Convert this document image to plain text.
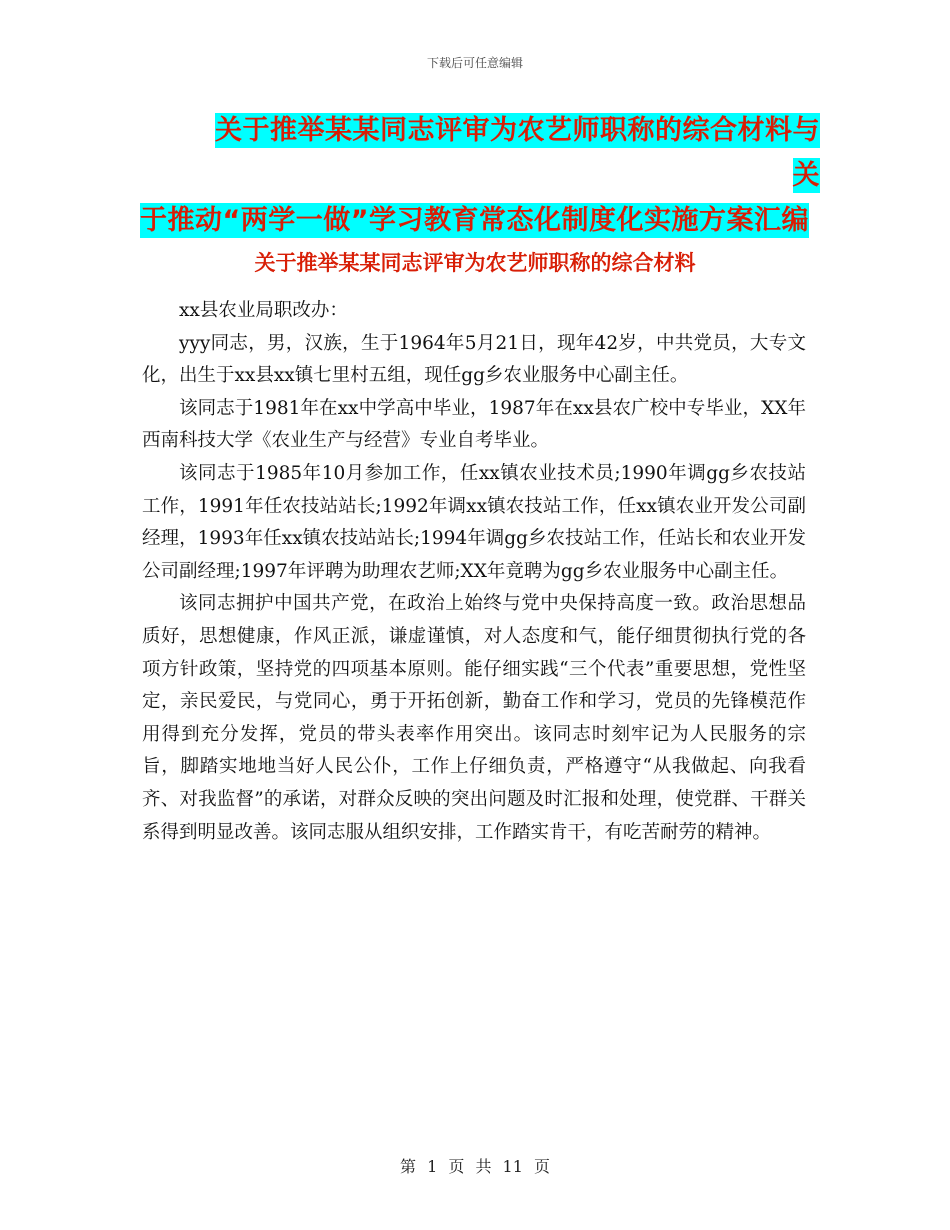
下载后可任意编辑
关于推举某某同志评审为农艺师职称的综合材料与关
于推动“两学一做”学习教育常态化制度化实施方案汇编
关于推举某某同志评审为农艺师职称的综合材料

xx县农业局职改办：

yyy同志，男，汉族，生于1964年5月21日，现年42岁，中共党员，大专文化，出生于xx县xx镇七里村五组，现任gg乡农业服务中心副主任。

该同志于1981年在xx中学高中毕业，1987年在xx县农广校中专毕业，XX年西南科技大学《农业生产与经营》专业自考毕业。

该同志于1985年10月参加工作，任xx镇农业技术员;1990年调gg乡农技站工作，1991年任农技站站长;1992年调xx镇农技站工作，任xx镇农业开发公司副经理，1993年任xx镇农技站站长;1994年调gg乡农技站工作，任站长和农业开发公司副经理;1997年评聘为助理农艺师;XX年竟聘为gg乡农业服务中心副主任。

该同志拥护中国共产党，在政治上始终与党中央保持高度一致。政治思想品质好，思想健康，作风正派，谦虚谨慎，对人态度和气，能仔细贯彻执行党的各项方针政策，坚持党的四项基本原则。能仔细实践“三个代表”重要思想，党性坚定，亲民爱民，与党同心，勇于开拓创新，勤奋工作和学习，党员的先锋模范作用得到充分发挥，党员的带头表率作用突出。该同志时刻牢记为人民服务的宗旨，脚踏实地地当好人民公仆，工作上仔细负责，严格遵守“从我做起、向我看齐、对我监督”的承诺，对群众反映的突出问题及时汇报和处理，使党群、干群关系得到明显改善。该同志服从组织安排，工作踏实肯干，有吃苦耐劳的精神。

第 1 页 共 11 页
